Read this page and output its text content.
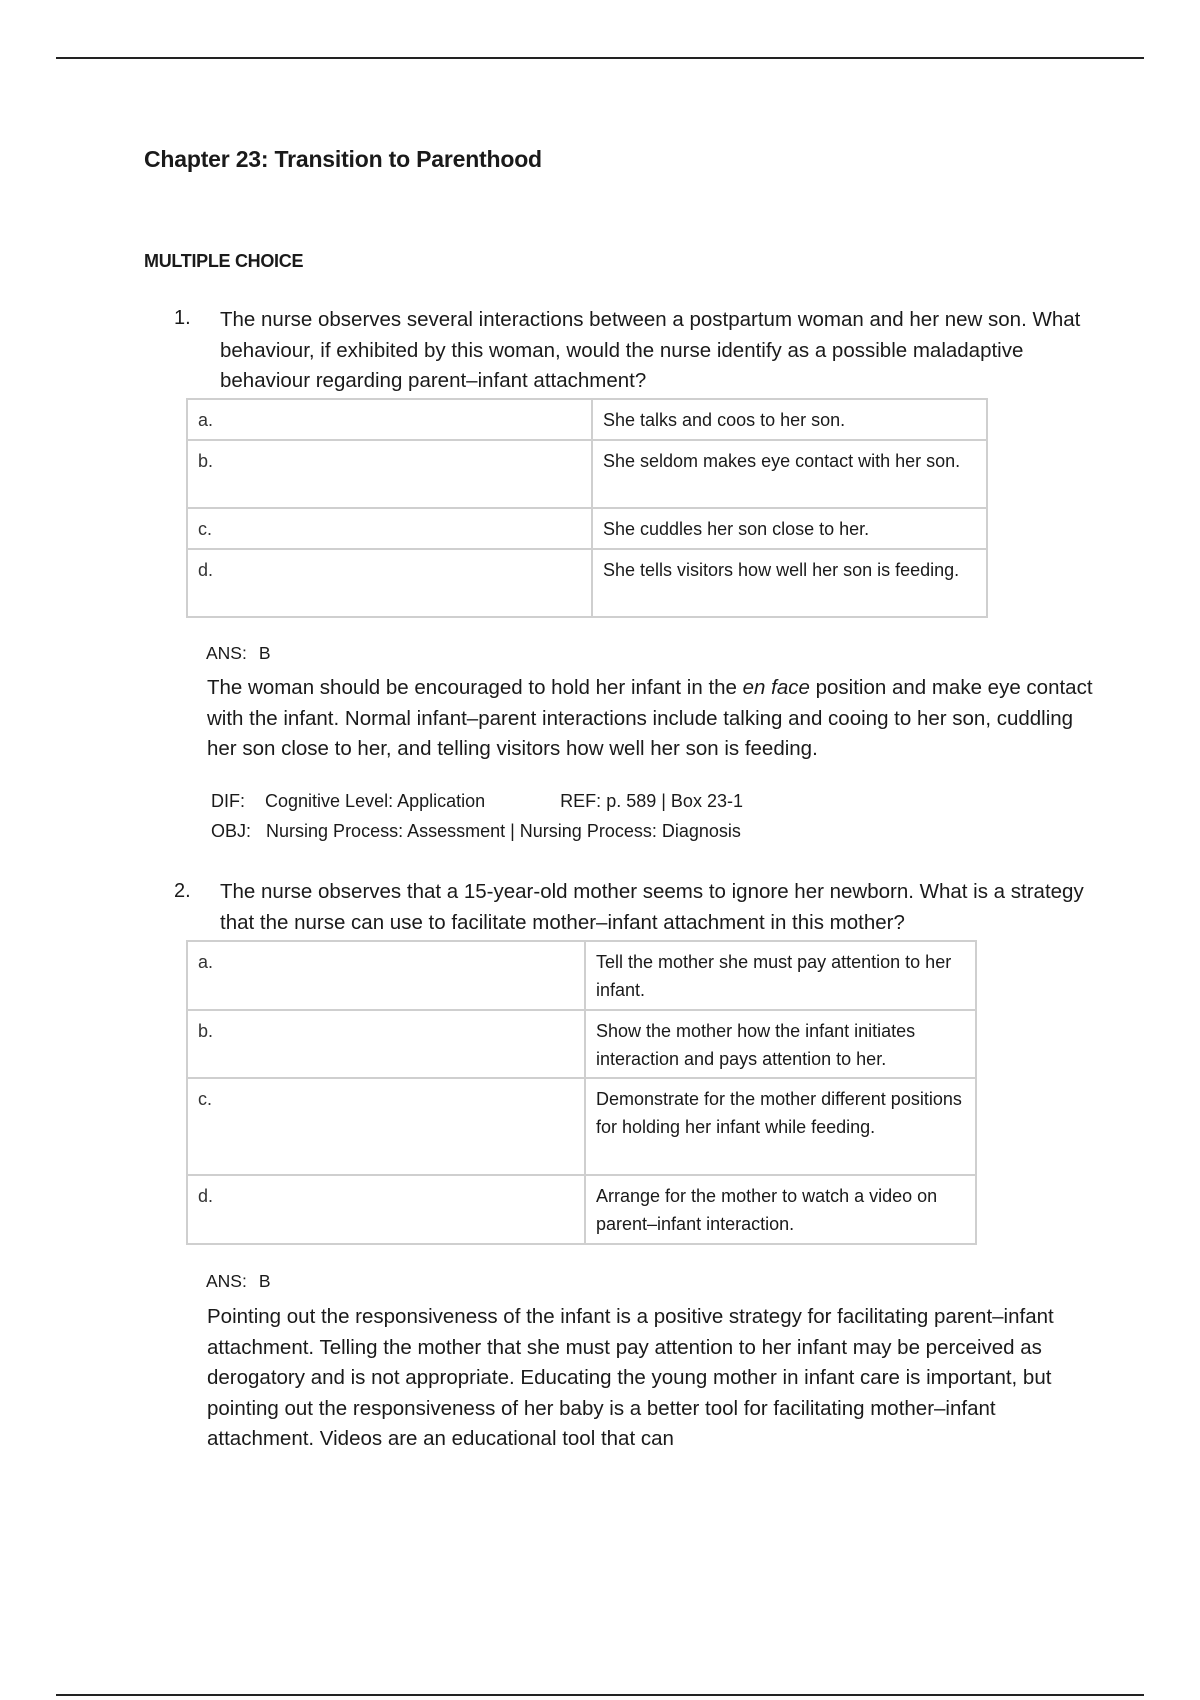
Chapter 23: Transition to Parenthood
MULTIPLE CHOICE
1. The nurse observes several interactions between a postpartum woman and her new son. What behaviour, if exhibited by this woman, would the nurse identify as a possible maladaptive behaviour regarding parent–infant attachment?
a.	She talks and coos to her son.
b.	She seldom makes eye contact with her son.
c.	She cuddles her son close to her.
d.	She tells visitors how well her son is feeding.
ANS: B
The woman should be encouraged to hold her infant in the en face position and make eye contact with the infant. Normal infant–parent interactions include talking and cooing to her son, cuddling her son close to her, and telling visitors how well her son is feeding.
DIF: Cognitive Level: Application	REF: p. 589 | Box 23-1
OBJ: Nursing Process: Assessment | Nursing Process: Diagnosis
2. The nurse observes that a 15-year-old mother seems to ignore her newborn. What is a strategy that the nurse can use to facilitate mother–infant attachment in this mother?
a.	Tell the mother she must pay attention to her infant.
b.	Show the mother how the infant initiates interaction and pays attention to her.
c.	Demonstrate for the mother different positions for holding her infant while feeding.
d.	Arrange for the mother to watch a video on parent–infant interaction.
ANS: B
Pointing out the responsiveness of the infant is a positive strategy for facilitating parent–infant attachment. Telling the mother that she must pay attention to her infant may be perceived as derogatory and is not appropriate. Educating the young mother in infant care is important, but pointing out the responsiveness of her baby is a better tool for facilitating mother–infant attachment. Videos are an educational tool that can
